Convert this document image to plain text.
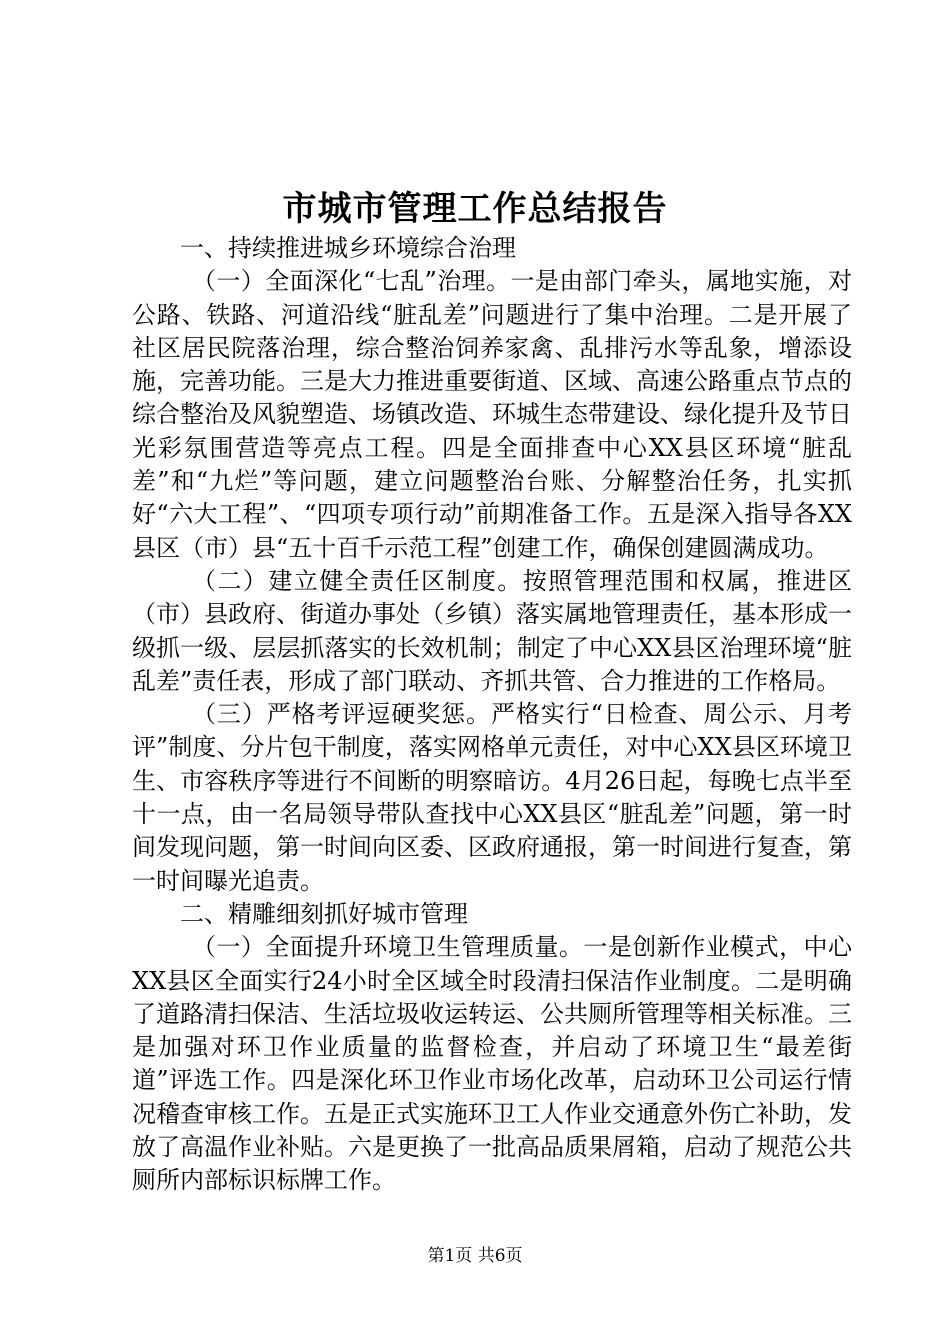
市城市管理工作总结报告

一、持续推进城乡环境综合治理

（一）全面深化“七乱”治理。一是由部门牵头，属地实施，对公路、铁路、河道沿线“脏乱差”问题进行了集中治理。二是开展了社区居民院落治理，综合整治饲养家禽、乱排污水等乱象，增添设施，完善功能。三是大力推进重要街道、区域、高速公路重点节点的综合整治及风貌塑造、场镇改造、环城生态带建设、绿化提升及节日光彩氛围营造等亮点工程。四是全面排查中心XX县区环境“脏乱差”和“九烂”等问题，建立问题整治台账、分解整治任务，扎实抓好“六大工程”、“四项专项行动”前期准备工作。五是深入指导各XX县区（市）县“五十百千示范工程”创建工作，确保创建圆满成功。

（二）建立健全责任区制度。按照管理范围和权属，推进区（市）县政府、街道办事处（乡镇）落实属地管理责任，基本形成一级抓一级、层层抓落实的长效机制；制定了中心XX县区治理环境“脏乱差”责任表，形成了部门联动、齐抓共管、合力推进的工作格局。

（三）严格考评逗硬奖惩。严格实行“日检查、周公示、月考评”制度、分片包干制度，落实网格单元责任，对中心XX县区环境卫生、市容秩序等进行不间断的明察暗访。4月26日起，每晚七点半至十一点，由一名局领导带队查找中心XX县区“脏乱差”问题，第一时间发现问题，第一时间向区委、区政府通报，第一时间进行复查，第一时间曝光追责。

二、精雕细刻抓好城市管理

（一）全面提升环境卫生管理质量。一是创新作业模式，中心XX县区全面实行24小时全区域全时段清扫保洁作业制度。二是明确了道路清扫保洁、生活垃圾收运转运、公共厕所管理等相关标准。三是加强对环卫作业质量的监督检查，并启动了环境卫生“最差街道”评选工作。四是深化环卫作业市场化改革，启动环卫公司运行情况稽查审核工作。五是正式实施环卫工人作业交通意外伤亡补助，发放了高温作业补贴。六是更换了一批高品质果屑箱，启动了规范公共厕所内部标识标牌工作。

第1页 共6页
